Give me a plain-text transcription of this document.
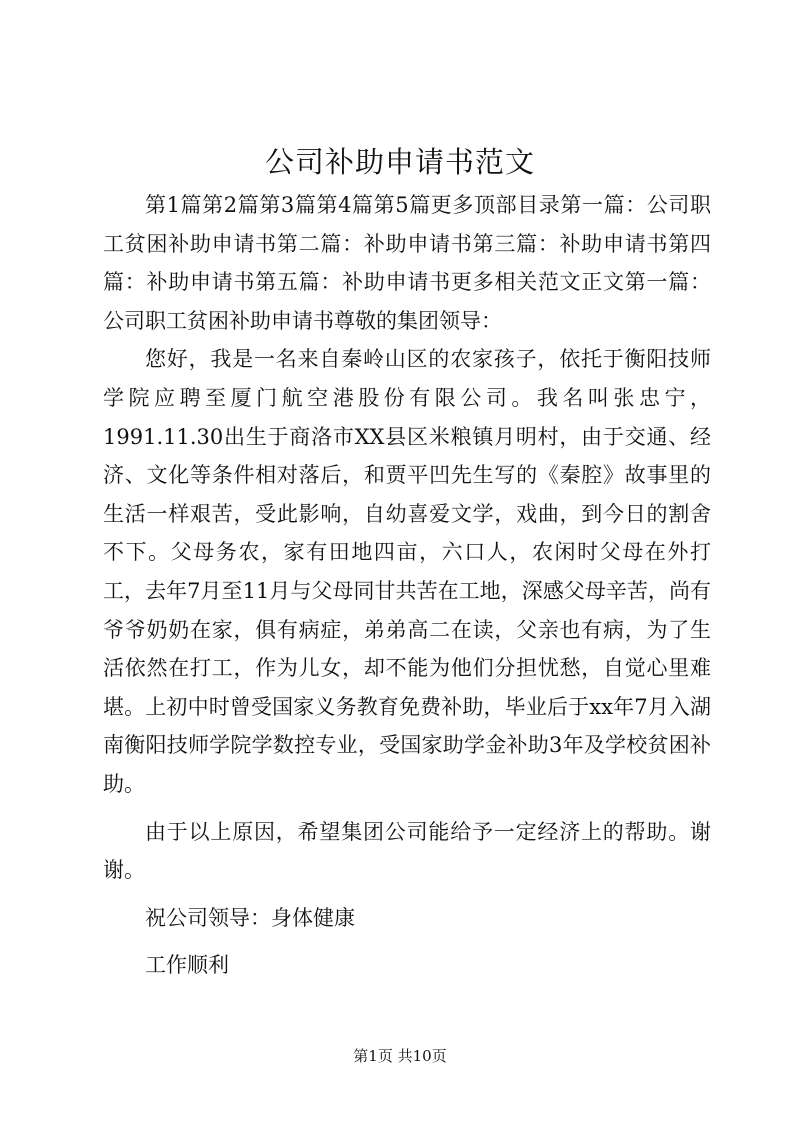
公司补助申请书范文

第1篇第2篇第3篇第4篇第5篇更多顶部目录第一篇：公司职工贫困补助申请书第二篇：补助申请书第三篇：补助申请书第四篇：补助申请书第五篇：补助申请书更多相关范文正文第一篇：公司职工贫困补助申请书尊敬的集团领导：

您好，我是一名来自秦岭山区的农家孩子，依托于衡阳技师学院应聘至厦门航空港股份有限公司。我名叫张忠宁，1991.11.30出生于商洛市XX县区米粮镇月明村，由于交通、经济、文化等条件相对落后，和贾平凹先生写的《秦腔》故事里的生活一样艰苦，受此影响，自幼喜爱文学，戏曲，到今日的割舍不下。父母务农，家有田地四亩，六口人，农闲时父母在外打工，去年7月至11月与父母同甘共苦在工地，深感父母辛苦，尚有爷爷奶奶在家，俱有病症，弟弟高二在读，父亲也有病，为了生活依然在打工，作为儿女，却不能为他们分担忧愁，自觉心里难堪。上初中时曾受国家义务教育免费补助，毕业后于xx年7月入湖南衡阳技师学院学数控专业，受国家助学金补助3年及学校贫困补助。

由于以上原因，希望集团公司能给予一定经济上的帮助。谢谢。

祝公司领导：身体健康

工作顺利

第1页 共10页
